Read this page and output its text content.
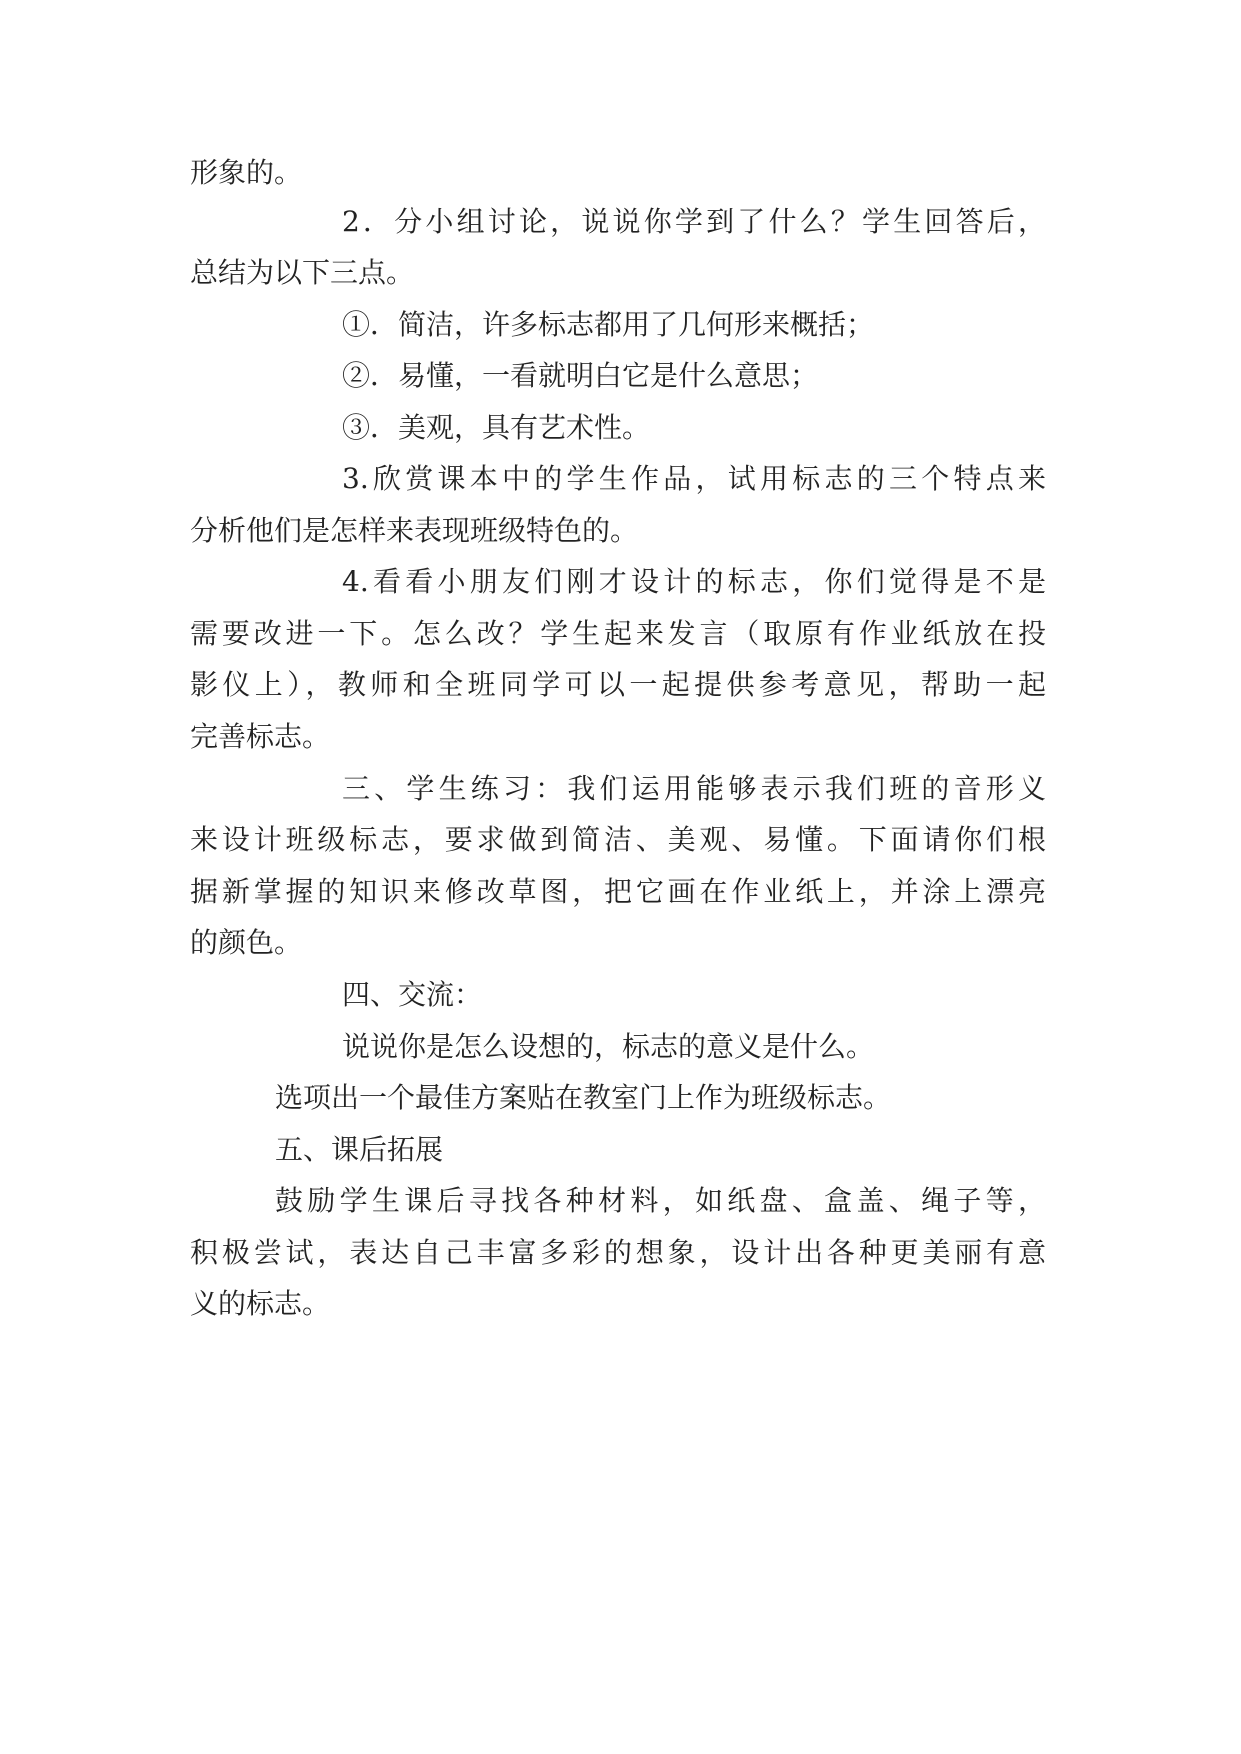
形象的。
2．分小组讨论，说说你学到了什么？学生回答后，
总结为以下三点。
①．简洁，许多标志都用了几何形来概括；
②．易懂，一看就明白它是什么意思；
③．美观，具有艺术性。
3.欣赏课本中的学生作品，试用标志的三个特点来
分析他们是怎样来表现班级特色的。
4.看看小朋友们刚才设计的标志，你们觉得是不是
需要改进一下。怎么改？学生起来发言（取原有作业纸放在投
影仪上），教师和全班同学可以一起提供参考意见，帮助一起
完善标志。
三、学生练习：我们运用能够表示我们班的音形义
来设计班级标志，要求做到简洁、美观、易懂。下面请你们根
据新掌握的知识来修改草图，把它画在作业纸上，并涂上漂亮
的颜色。
四、交流：
说说你是怎么设想的，标志的意义是什么。
选项出一个最佳方案贴在教室门上作为班级标志。
五、课后拓展
鼓励学生课后寻找各种材料，如纸盘、盒盖、绳子等，
积极尝试，表达自己丰富多彩的想象，设计出各种更美丽有意
义的标志。
